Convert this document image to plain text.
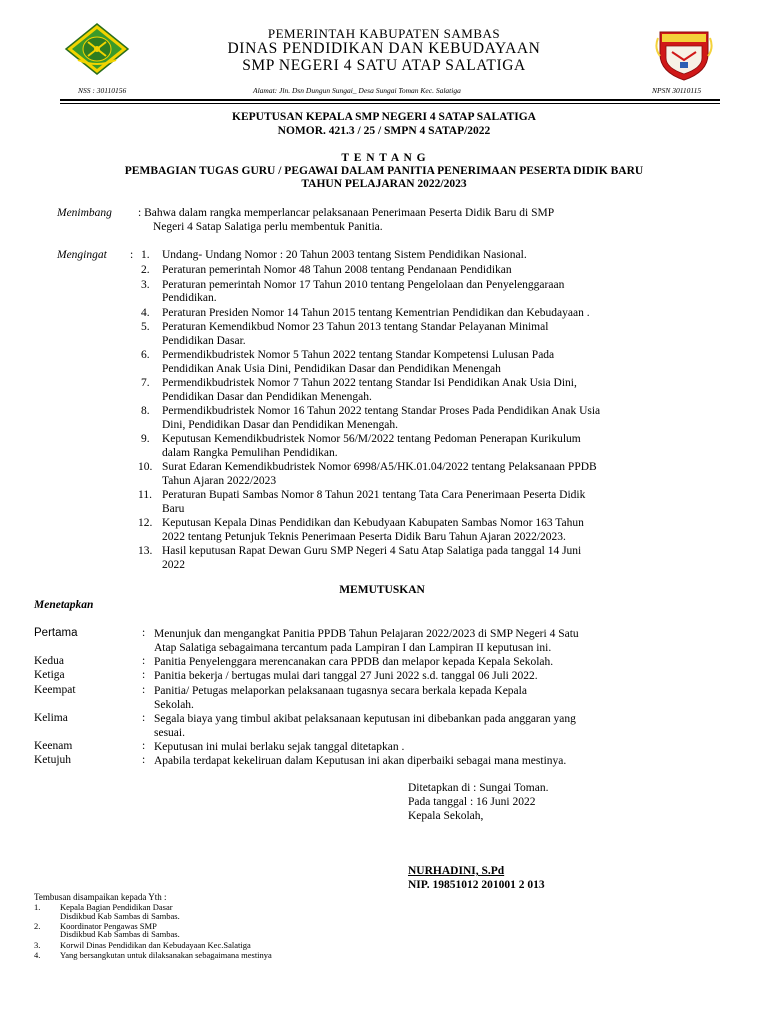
PEMERINTAH KABUPATEN SAMBAS
DINAS PENDIDIKAN DAN KEBUDAYAAN
SMP NEGERI 4 SATU ATAP SALATIGA
NSS : 30110156	Alamat: Jln. Dsn Dungun Sungai_ Desa Sungai Toman Kec. Salatiga	NPSN 30110115
KEPUTUSAN KEPALA SMP NEGERI 4 SATAP SALATIGA
NOMOR. 421.3 / 25 / SMPN 4 SATAP/2022
T E N T A N G
PEMBAGIAN TUGAS GURU / PEGAWAI DALAM PANITIA PENERIMAAN PESERTA DIDIK BARU
TAHUN PELAJARAN 2022/2023
Menimbang : Bahwa dalam rangka memperlancar pelaksanaan Penerimaan Peserta Didik Baru di SMP
Negeri 4 Satap Salatiga perlu membentuk Panitia.
Mengingat : 1. Undang- Undang Nomor : 20 Tahun 2003 tentang Sistem Pendidikan Nasional.
2. Peraturan pemerintah Nomor 48 Tahun 2008 tentang Pendanaan Pendidikan
3. Peraturan pemerintah Nomor 17 Tahun 2010 tentang Pengelolaan dan Penyelenggaraan
Pendidikan.
4. Peraturan Presiden Nomor 14 Tahun 2015 tentang Kementrian Pendidikan dan Kebudayaan .
5. Peraturan Kemendikbud Nomor 23 Tahun 2013 tentang Standar Pelayanan Minimal
Pendidikan Dasar.
6. Permendikbudristek Nomor 5 Tahun 2022 tentang Standar Kompetensi Lulusan Pada
Pendidikan Anak Usia Dini, Pendidikan Dasar dan Pendidikan Menengah
7. Permendikbudristek Nomor 7 Tahun 2022 tentang Standar Isi Pendidikan Anak Usia Dini,
Pendidikan Dasar dan Pendidikan Menengah.
8. Permendikbudristek Nomor 16 Tahun 2022 tentang Standar Proses Pada Pendidikan Anak Usia
Dini, Pendidikan Dasar dan Pendidikan Menengah.
9. Keputusan Kemendikbudristek Nomor 56/M/2022 tentang Pedoman Penerapan Kurikulum
dalam Rangka Pemulihan Pendidikan.
10. Surat Edaran Kemendikbudristek Nomor 6998/A5/HK.01.04/2022 tentang Pelaksanaan PPDB
Tahun Ajaran 2022/2023
11. Peraturan Bupati Sambas Nomor 8 Tahun 2021 tentang Tata Cara Penerimaan Peserta Didik
Baru
12. Keputusan Kepala Dinas Pendidikan dan Kebudyaan Kabupaten Sambas Nomor 163 Tahun
2022 tentang Petunjuk Teknis Penerimaan Peserta Didik Baru Tahun Ajaran 2022/2023.
13. Hasil keputusan Rapat Dewan Guru SMP Negeri 4 Satu Atap Salatiga pada tanggal 14 Juni
2022
MEMUTUSKAN
Menetapkan
Pertama	: Menunjuk dan mengangkat Panitia PPDB Tahun Pelajaran 2022/2023 di SMP Negeri 4 Satu
Atap Salatiga sebagaimana tercantum pada Lampiran I dan Lampiran II keputusan ini.
Kedua	: Panitia Penyelenggara merencanakan cara PPDB dan melapor kepada Kepala Sekolah.
Ketiga	: Panitia bekerja / bertugas mulai dari tanggal 27 Juni 2022 s.d. tanggal 06 Juli 2022.
Keempat	: Panitia/ Petugas melaporkan pelaksanaan tugasnya secara berkala kepada Kepala
Sekolah.
Kelima	: Segala biaya yang timbul akibat pelaksanaan keputusan ini dibebankan pada anggaran yang
sesuai.
Keenam	: Keputusan ini mulai berlaku sejak tanggal ditetapkan .
Ketujuh	: Apabila terdapat kekeliruan dalam Keputusan ini akan diperbaiki sebagai mana mestinya.
Ditetapkan di : Sungai Toman.
Pada tanggal : 16 Juni 2022
Kepala Sekolah,
NURHADINI, S.Pd
NIP. 19851012 201001 2 013
Tembusan disampaikan kepada Yth :
1. Kepala Bagian Pendidikan Dasar
Disdikbud Kab Sambas di Sambas.
2. Koordinator Pengawas SMP
Disdikbud Kab Sambas di Sambas.
3. Korwil Dinas Pendidikan dan Kebudayaan Kec.Salatiga
4. Yang bersangkutan untuk dilaksanakan sebagaimana mestinya
